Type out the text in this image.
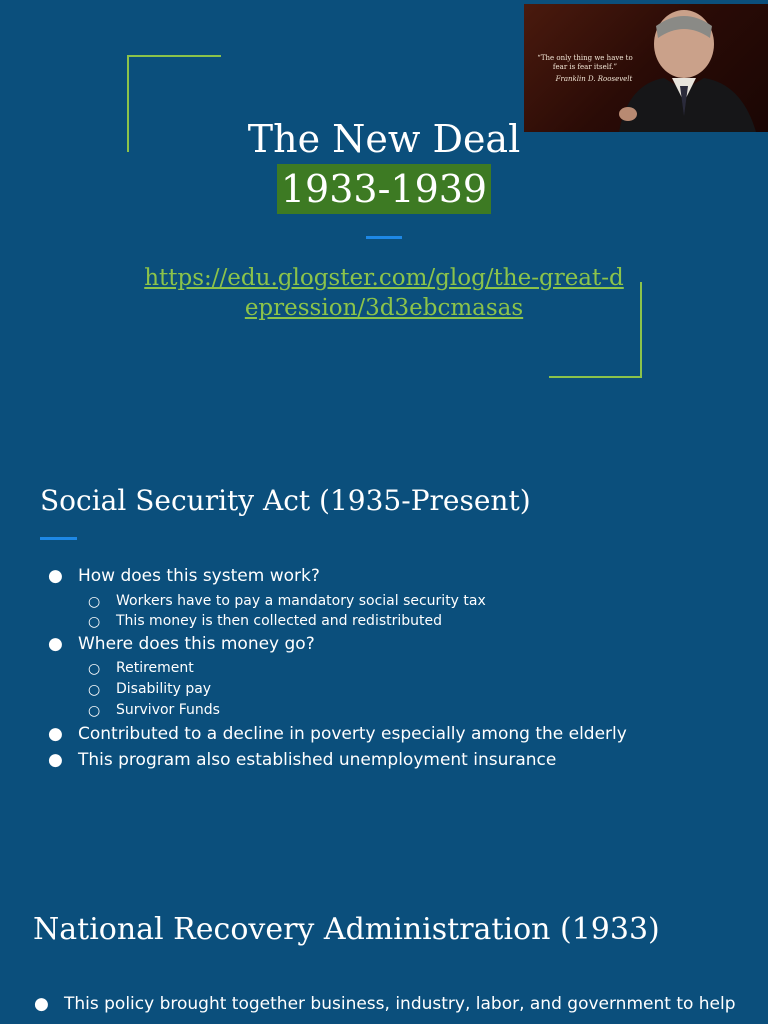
The New Deal
1933-1939
https://edu.glogster.com/glog/the-great-depression/3d3ebcmasas
“The only thing we have to fear is fear itself.”
Franklin D. Roosevelt
Social Security Act (1935-Present)
● How does this system work?
○ Workers have to pay a mandatory social security tax
○ This money is then collected and redistributed
● Where does this money go?
○ Retirement
○ Disability pay
○ Survivor Funds
● Contributed to a decline in poverty especially among the elderly
● This program also established unemployment insurance
National Recovery Administration (1933)
● This policy brought together business, industry, labor, and government to help
